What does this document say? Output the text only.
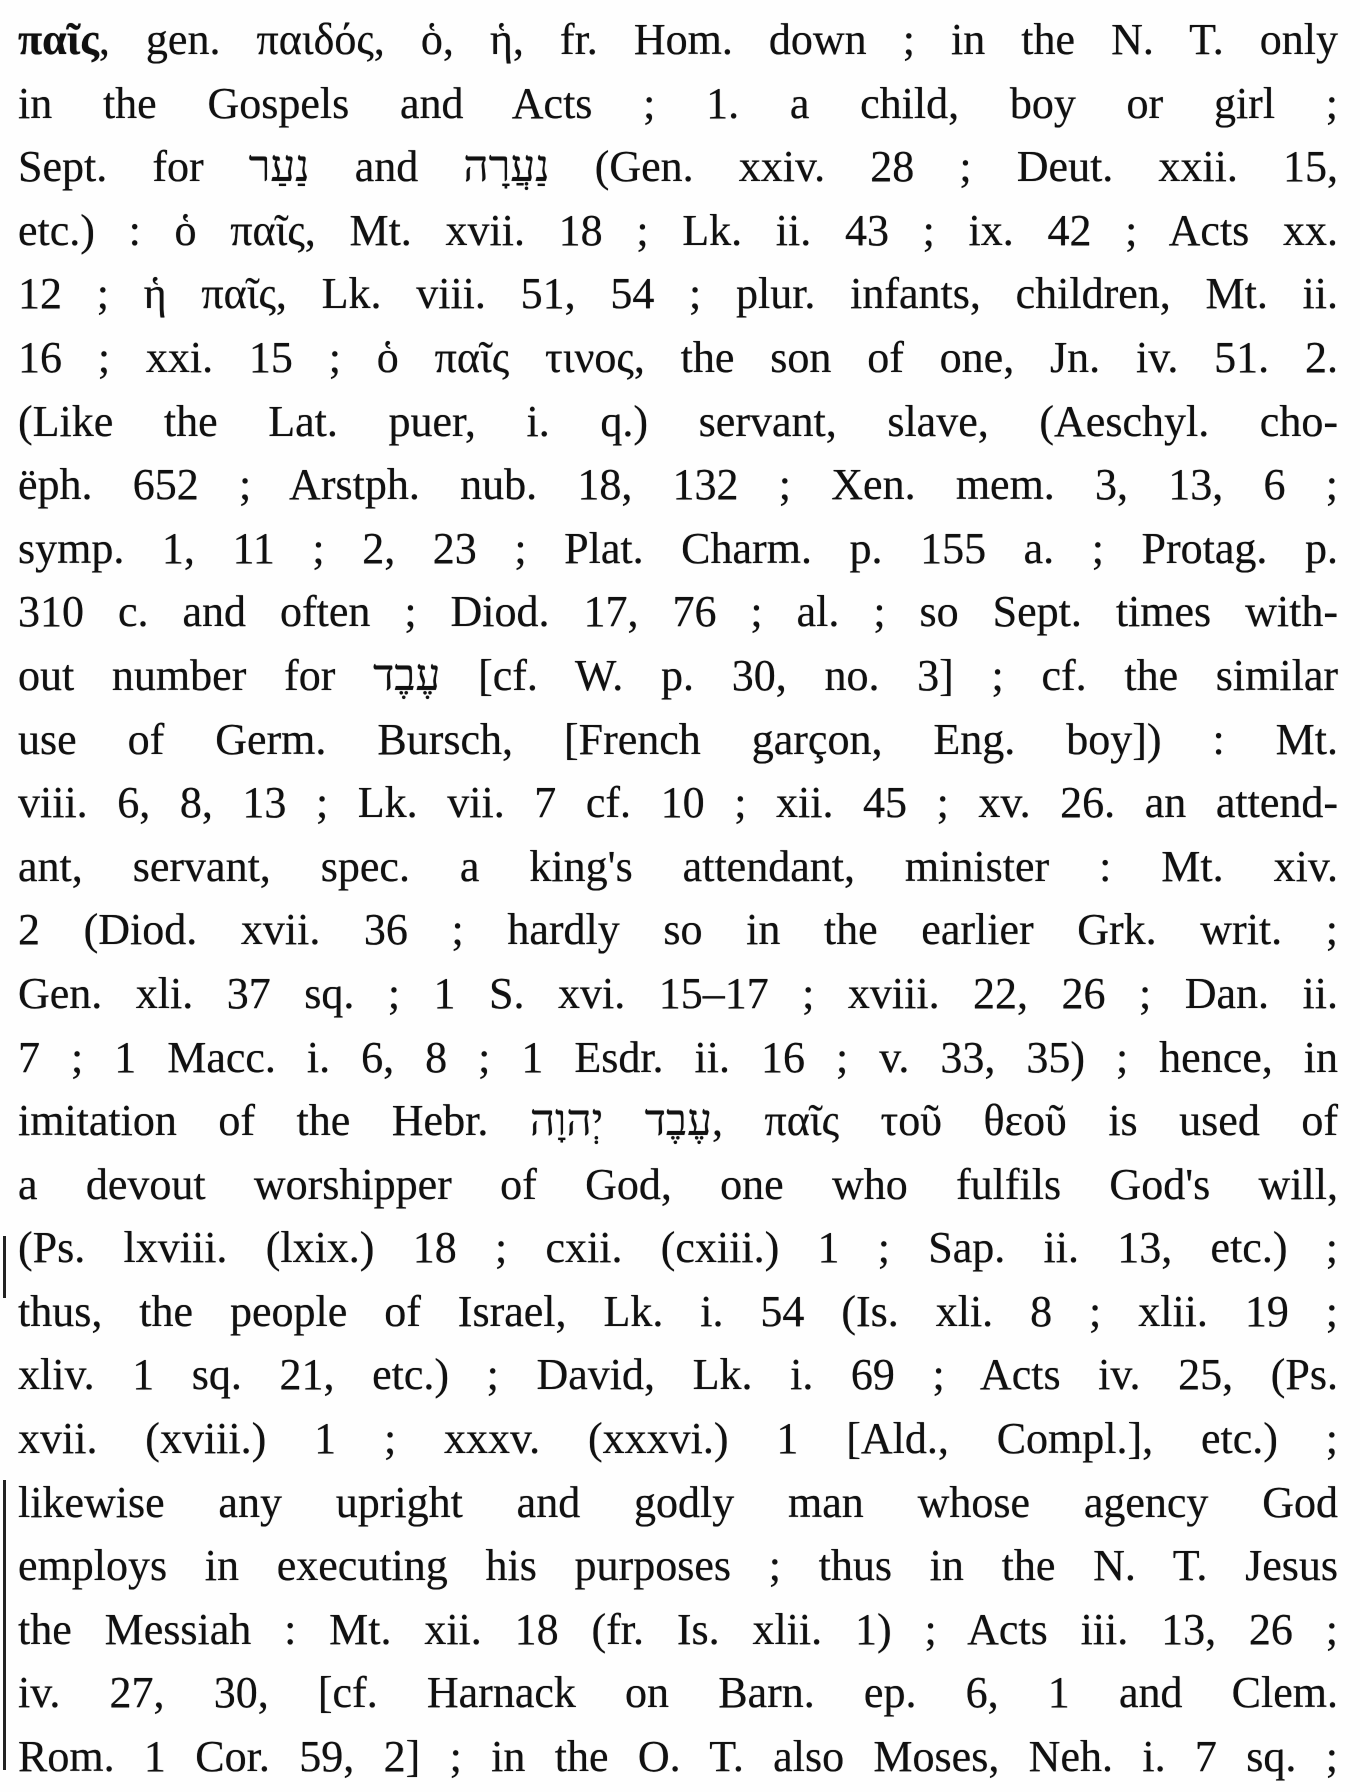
παῖς, gen. παιδός, ὁ, ἡ, fr. Hom. down ; in the N. T. only
in the Gospels and Acts ; 1. a child, boy or girl ;
Sept. for נַעַר and נַעֲרָה (Gen. xxiv. 28 ; Deut. xxii. 15,
etc.) : ὁ παῖς, Mt. xvii. 18 ; Lk. ii. 43 ; ix. 42 ; Acts xx.
12 ; ἡ παῖς, Lk. viii. 51, 54 ; plur. infants, children, Mt. ii.
16 ; xxi. 15 ; ὁ παῖς τινος, the son of one, Jn. iv. 51. 2.
(Like the Lat. puer, i. q.) servant, slave, (Aeschyl. cho-
ëph. 652 ; Arstph. nub. 18, 132 ; Xen. mem. 3, 13, 6 ;
symp. 1, 11 ; 2, 23 ; Plat. Charm. p. 155 a. ; Protag. p.
310 c. and often ; Diod. 17, 76 ; al. ; so Sept. times with-
out number for עֶבֶד [cf. W. p. 30, no. 3] ; cf. the similar
use of Germ. Bursch, [French garçon, Eng. boy]) : Mt.
viii. 6, 8, 13 ; Lk. vii. 7 cf. 10 ; xii. 45 ; xv. 26. an attend-
ant, servant, spec. a king's attendant, minister : Mt. xiv.
2 (Diod. xvii. 36 ; hardly so in the earlier Grk. writ. ;
Gen. xli. 37 sq. ; 1 S. xvi. 15–17 ; xviii. 22, 26 ; Dan. ii.
7 ; 1 Macc. i. 6, 8 ; 1 Esdr. ii. 16 ; v. 33, 35) ; hence, in
imitation of the Hebr. עֶבֶד יְהוָה, παῖς τοῦ θεοῦ is used of
a devout worshipper of God, one who fulfils God's will,
(Ps. lxviii. (lxix.) 18 ; cxii. (cxiii.) 1 ; Sap. ii. 13, etc.) ;
thus, the people of Israel, Lk. i. 54 (Is. xli. 8 ; xlii. 19 ;
xliv. 1 sq. 21, etc.) ; David, Lk. i. 69 ; Acts iv. 25, (Ps.
xvii. (xviii.) 1 ; xxxv. (xxxvi.) 1 [Ald., Compl.], etc.) ;
likewise any upright and godly man whose agency God
employs in executing his purposes ; thus in the N. T. Jesus
the Messiah : Mt. xii. 18 (fr. Is. xlii. 1) ; Acts iii. 13, 26 ;
iv. 27, 30, [cf. Harnack on Barn. ep. 6, 1 and Clem.
Rom. 1 Cor. 59, 2] ; in the O. T. also Moses, Neh. i. 7 sq. ;
